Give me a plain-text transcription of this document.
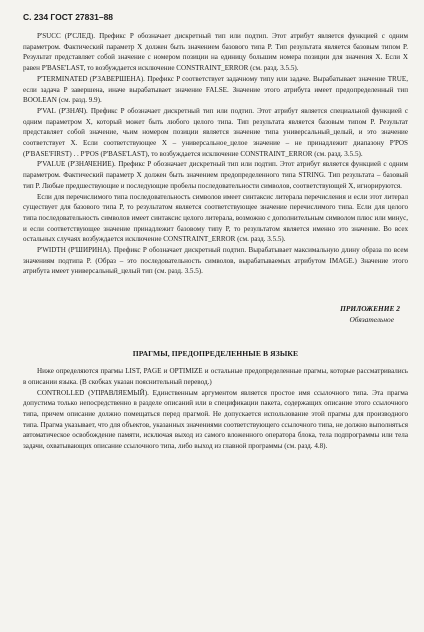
С. 234 ГОСТ 27831–88

P'SUCC (P'СЛЕД). Префикс P обозначает дискретный тип или подтип. Этот атрибут является функцией с одним параметром. Фактический параметр X должен быть значением базового типа P. Тип результата является базовым типом P. Результат представляет собой значение с номером позиции на единицу большим номера позиции для значения X. Если X равен P'BASE'LAST, то возбуждается исключение CONSTRAINT_ERROR (см. разд. 3.5.5).

P'TERMINATED (P'ЗАВЕРШЕНА). Префикс P соответствует задачному типу или задаче. Вырабатывает значение TRUE, если задача P завершена, иначе вырабатывает значение FALSE. Значение этого атрибута имеет предопределенный тип BOOLEAN (см. разд. 9.9).

P'VAL (P'ЗНАЧ). Префикс P обозначает дискретный тип или подтип. Этот атрибут является специальной функцией с одним параметром X, который может быть любого целого типа. Тип результата является базовым типом P. Результат представляет собой значение, чьим номером позиции является значение типа универсальный_целый, и это значение соответствует X. Если соответствующее X – универсальное_целое значение – не принадлежит диапазону P'POS (P'BASE'FIRST) . . P'POS (P'BASE'LAST), то возбуждается исключение CONSTRAINT_ERROR (см. разд. 3.5.5).

P'VALUE (P'ЗНАЧЕНИЕ). Префикс P обозначает дискретный тип или подтип. Этот атрибут является функцией с одним параметром. Фактический параметр X должен быть значением предопределенного типа STRING. Тип результата – базовый тип P. Любые предшествующие и последующие пробелы последовательности символов, соответствующей X, игнорируются.

Если для перечислимого типа последовательность символов имеет синтаксис литерала перечисления и если этот литерал существует для базового типа P, то результатом является соответствующее значение перечислимого типа. Если для целого типа последовательность символов имеет синтаксис целого литерала, возможно с дополнительным символом плюс или минус, и если соответствующее значение принадлежит базовому типу P, то результатом является именно это значение. Во всех остальных случаях возбуждается исключение CONSTRAINT_ERROR (см. разд. 3.5.5).

P'WIDTH (P'ШИРИНА). Префикс P обозначает дискретный подтип. Вырабатывает максимальную длину образа по всем значениям подтипа P. (Образ – это последовательность символов, вырабатываемых атрибутом IMAGE.) Значение этого атрибута имеет универсальный_целый тип (см. разд. 3.5.5).

ПРИЛОЖЕНИЕ 2
Обязательное
ПРАГМЫ, ПРЕДОПРЕДЕЛЕННЫЕ В ЯЗЫКЕ

Ниже определяются прагмы LIST, PAGE и OPTIMIZE и остальные предопределенные прагмы, которые рассматривались в описании языка. (В скобках указан пояснительный перевод.)

CONTROLLED (УПРАВЛЯЕМЫЙ). Единственным аргументом является простое имя ссылочного типа. Эта прагма допустима только непосредственно в разделе описаний или в спецификации пакета, содержащих описание этого ссылочного типа, причем описание должно помещаться перед прагмой. Не допускается использование этой прагмы для производного типа. Прагма указывает, что для объектов, указанных значениями соответствующего ссылочного типа, не должно выполняться автоматическое освобождение памяти, исключая выход из самого вложенного оператора блока, тела подпрограммы или тела задачи, охватывающих описание ссылочного типа, либо выход из главной программы (см. разд. 4.8).
